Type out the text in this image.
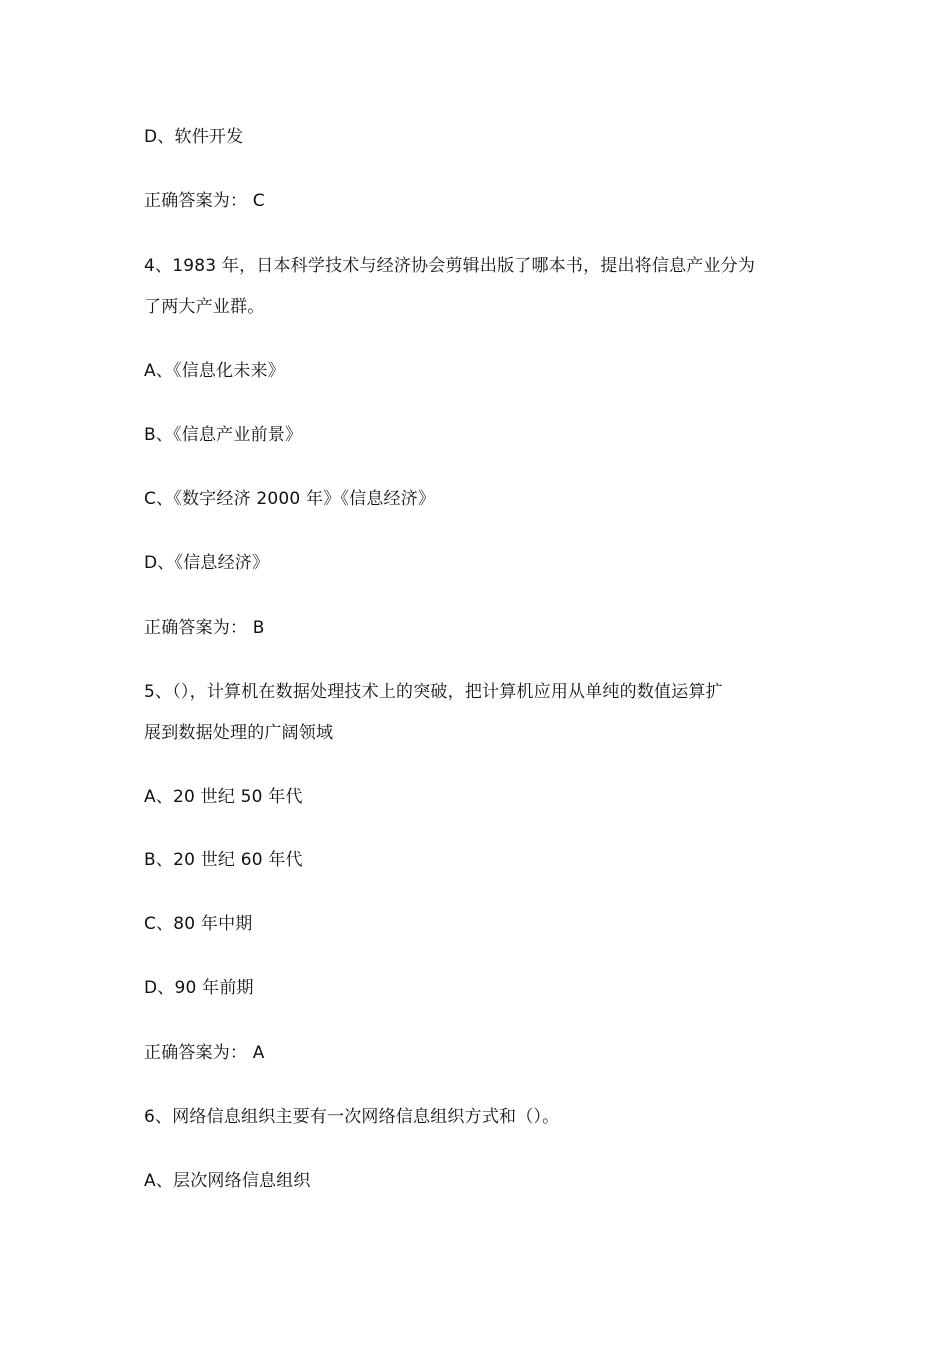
D、软件开发
正确答案为： C
4、1983 年，日本科学技术与经济协会剪辑出版了哪本书，提出将信息产业分为
了两大产业群。
A、《信息化未来》
B、《信息产业前景》
C、《数字经济 2000 年》《信息经济》
D、《信息经济》
正确答案为： B
5、（），计算机在数据处理技术上的突破，把计算机应用从单纯的数值运算扩
展到数据处理的广阔领域
A、20 世纪 50 年代
B、20 世纪 60 年代
C、80 年中期
D、90 年前期
正确答案为： A
6、网络信息组织主要有一次网络信息组织方式和（）。
A、层次网络信息组织
